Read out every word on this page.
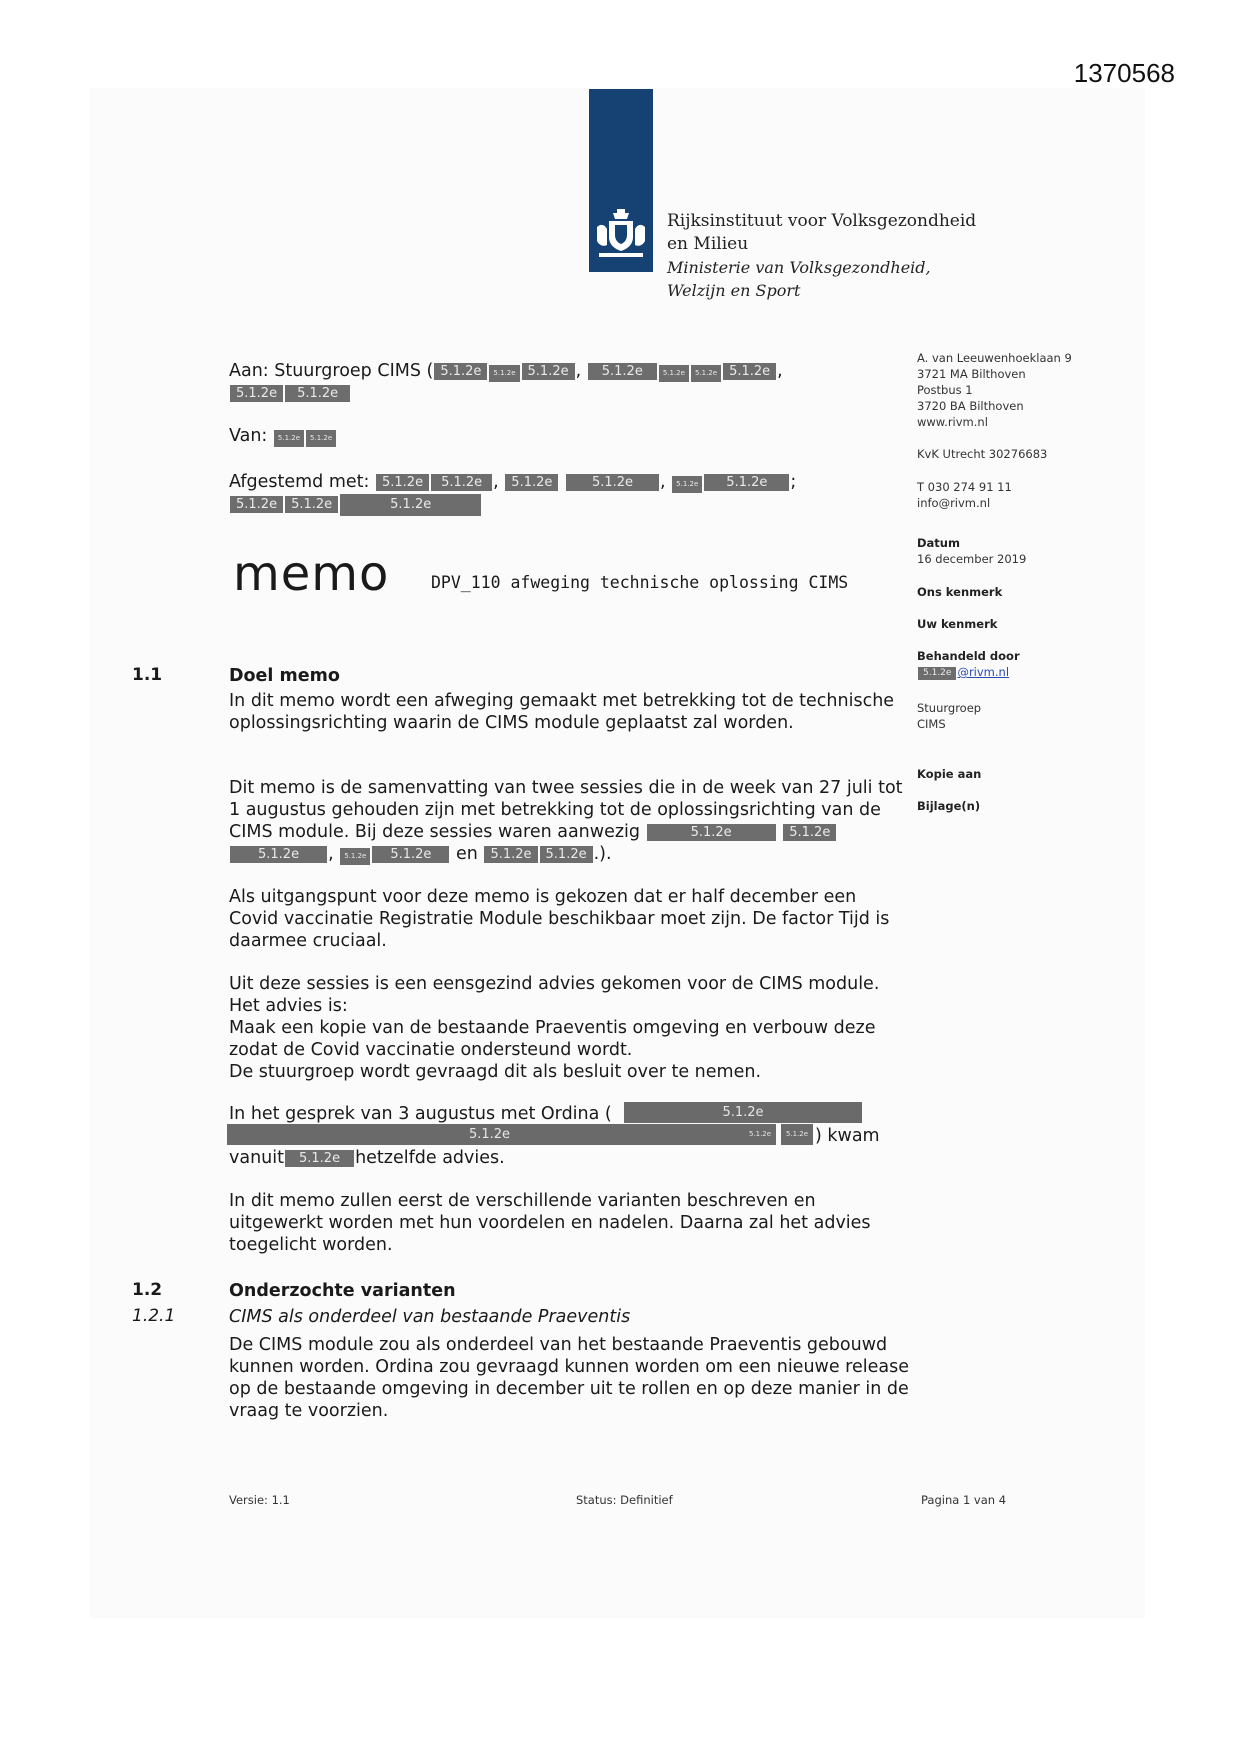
1370568
Rijksinstituut voor Volksgezondheid
en Milieu
Ministerie van Volksgezondheid,
Welzijn en Sport
Aan: Stuurgroep CIMS ( 5.1.2e 5.1.2e 5.1.2e , 5.1.2e	5.1.2e 5.1.2e 5.1.2e ,
5.1.2e 5.1.2e
Van: 5.1.2e 5.1.2e
Afgestemd met: 5.1.2e 5.1.2e , 5.1.2e	5.1.2e , 5.1.2e 5.1.2e ;
5.1.2e 5.1.2e	5.1.2e
memo	DPV_110 afweging technische oplossing CIMS
A. van Leeuwenhoeklaan 9
3721 MA Bilthoven
Postbus 1
3720 BA Bilthoven
www.rivm.nl
KvK Utrecht 30276683
T 030 274 91 11
info@rivm.nl
Datum
16 december 2019
Ons kenmerk
Uw kenmerk
Behandeld door
5.1.2e @rivm.nl
Stuurgroep
CIMS
Kopie aan
Bijlage(n)
1.1	Doel memo
In dit memo wordt een afweging gemaakt met betrekking tot de technische oplossingsrichting waarin de CIMS module geplaatst zal worden.
Dit memo is de samenvatting van twee sessies die in de week van 27 juli tot 1 augustus gehouden zijn met betrekking tot de oplossingsrichting van de CIMS module. Bij deze sessies waren aanwezig	5.1.2e	5.1.2e5.1.2e , 5.1.2e 5.1.2e en 5.1.2e 5.1.2e .).
Als uitgangspunt voor deze memo is gekozen dat er half december een Covid vaccinatie Registratie Module beschikbaar moet zijn. De factor Tijd is daarmee cruciaal.
Uit deze sessies is een eensgezind advies gekomen voor de CIMS module.
Het advies is:
Maak een kopie van de bestaande Praeventis omgeving en verbouw deze zodat de Covid vaccinatie ondersteund wordt.
De stuurgroep wordt gevraagd dit als besluit over te nemen.
In het gesprek van 3 augustus met Ordina (	5.1.2e
5.1.2e	5.1.2e	5.1.2e ) kwam
vanuit 5.1.2e hetzelfde advies.
In dit memo zullen eerst de verschillende varianten beschreven en uitgewerkt worden met hun voordelen en nadelen. Daarna zal het advies toegelicht worden.
1.2	Onderzochte varianten
1.2.1	CIMS als onderdeel van bestaande Praeventis
De CIMS module zou als onderdeel van het bestaande Praeventis gebouwd kunnen worden. Ordina zou gevraagd kunnen worden om een nieuwe release op de bestaande omgeving in december uit te rollen en op deze manier in de vraag te voorzien.
Versie: 1.1	Status: Definitief	Pagina 1 van 4
